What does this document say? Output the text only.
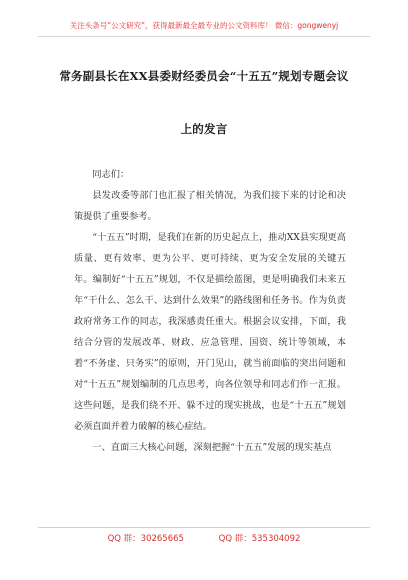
关注头条号“公文研究”，获得最新最全最专业的公文资料库！ 微信：gongwenyj
常务副县长在XX县委财经委员会“十五五”规划专题会议
上的发言

同志们：

县发改委等部门也汇报了相关情况，为我们接下来的讨论和决策提供了重要参考。

“十五五”时期，是我们在新的历史起点上，推动XX县实现更高质量、更有效率、更为公平、更可持续、更为安全发展的关键五年。编制好“十五五”规划，不仅是描绘蓝图，更是明确我们未来五年“干什么、怎么干、达到什么效果”的路线图和任务书。作为负责政府常务工作的同志，我深感责任重大。根据会议安排，下面，我结合分管的发展改革、财政、应急管理、国资、统计等领域，本着“不务虚、只务实”的原则，开门见山，就当前面临的突出问题和对“十五五”规划编制的几点思考，向各位领导和同志们作一汇报。这些问题，是我们绕不开、躲不过的现实挑战，也是“十五五”规划必须直面并着力破解的核心症结。

一、直面三大核心问题，深刻把握“十五五”发展的现实基点

QQ 群：30265665	QQ 群：535304092
